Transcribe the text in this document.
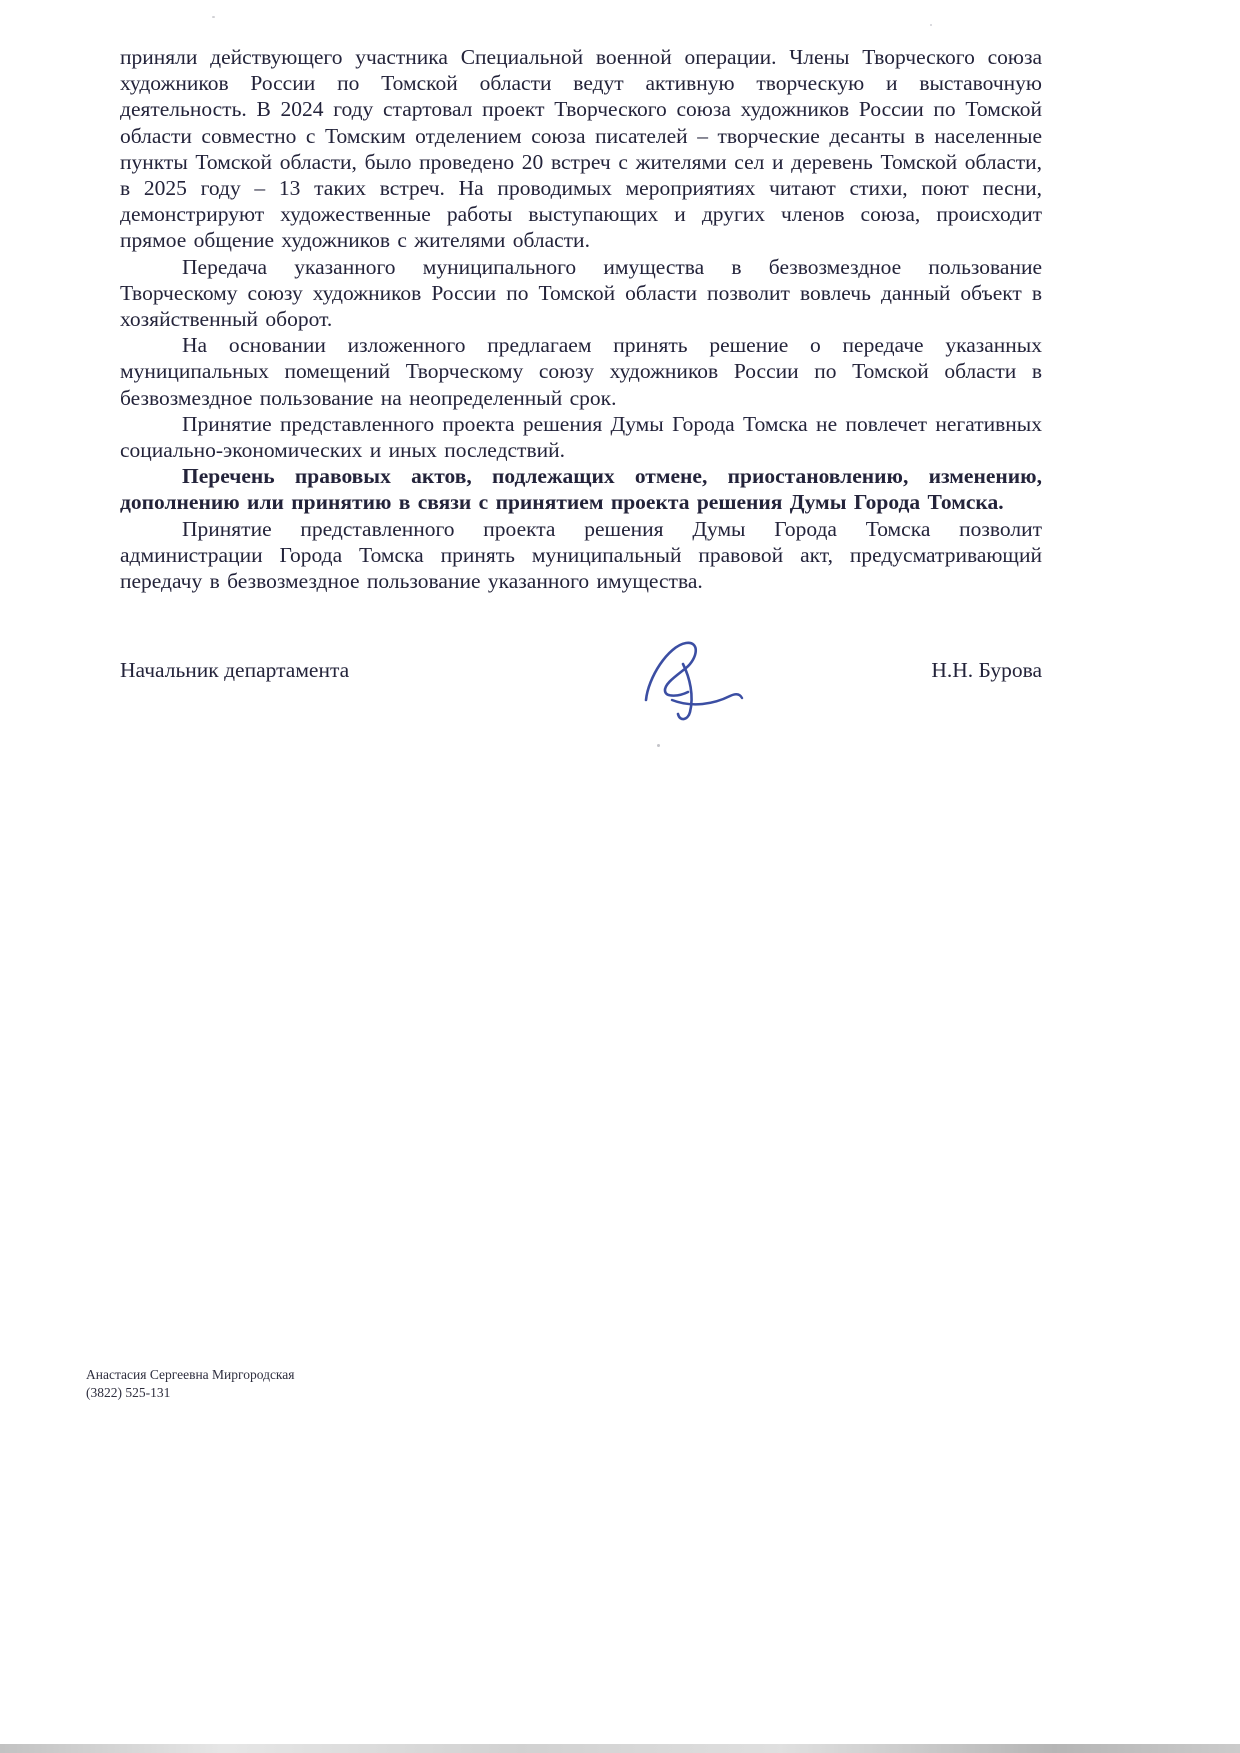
приняли действующего участника Специальной военной операции. Члены Творческого союза художников России по Томской области ведут активную творческую и выставочную деятельность. В 2024 году стартовал проект Творческого союза художников России по Томской области совместно с Томским отделением союза писателей – творческие десанты в населенные пункты Томской области, было проведено 20 встреч с жителями сел и деревень Томской области, в 2025 году – 13 таких встреч. На проводимых мероприятиях читают стихи, поют песни, демонстрируют художественные работы выступающих и других членов союза, происходит прямое общение художников с жителями области.

Передача указанного муниципального имущества в безвозмездное пользование Творческому союзу художников России по Томской области позволит вовлечь данный объект в хозяйственный оборот.

На основании изложенного предлагаем принять решение о передаче указанных муниципальных помещений Творческому союзу художников России по Томской области в безвозмездное пользование на неопределенный срок.

Принятие представленного проекта решения Думы Города Томска не повлечет негативных социально-экономических и иных последствий.

Перечень правовых актов, подлежащих отмене, приостановлению, изменению, дополнению или принятию в связи с принятием проекта решения Думы Города Томска.

Принятие представленного проекта решения Думы Города Томска позволит администрации Города Томска принять муниципальный правовой акт, предусматривающий передачу в безвозмездное пользование указанного имущества.

Начальник департамента	Н.Н. Бурова
Анастасия Сергеевна Миргородская
(3822) 525-131
